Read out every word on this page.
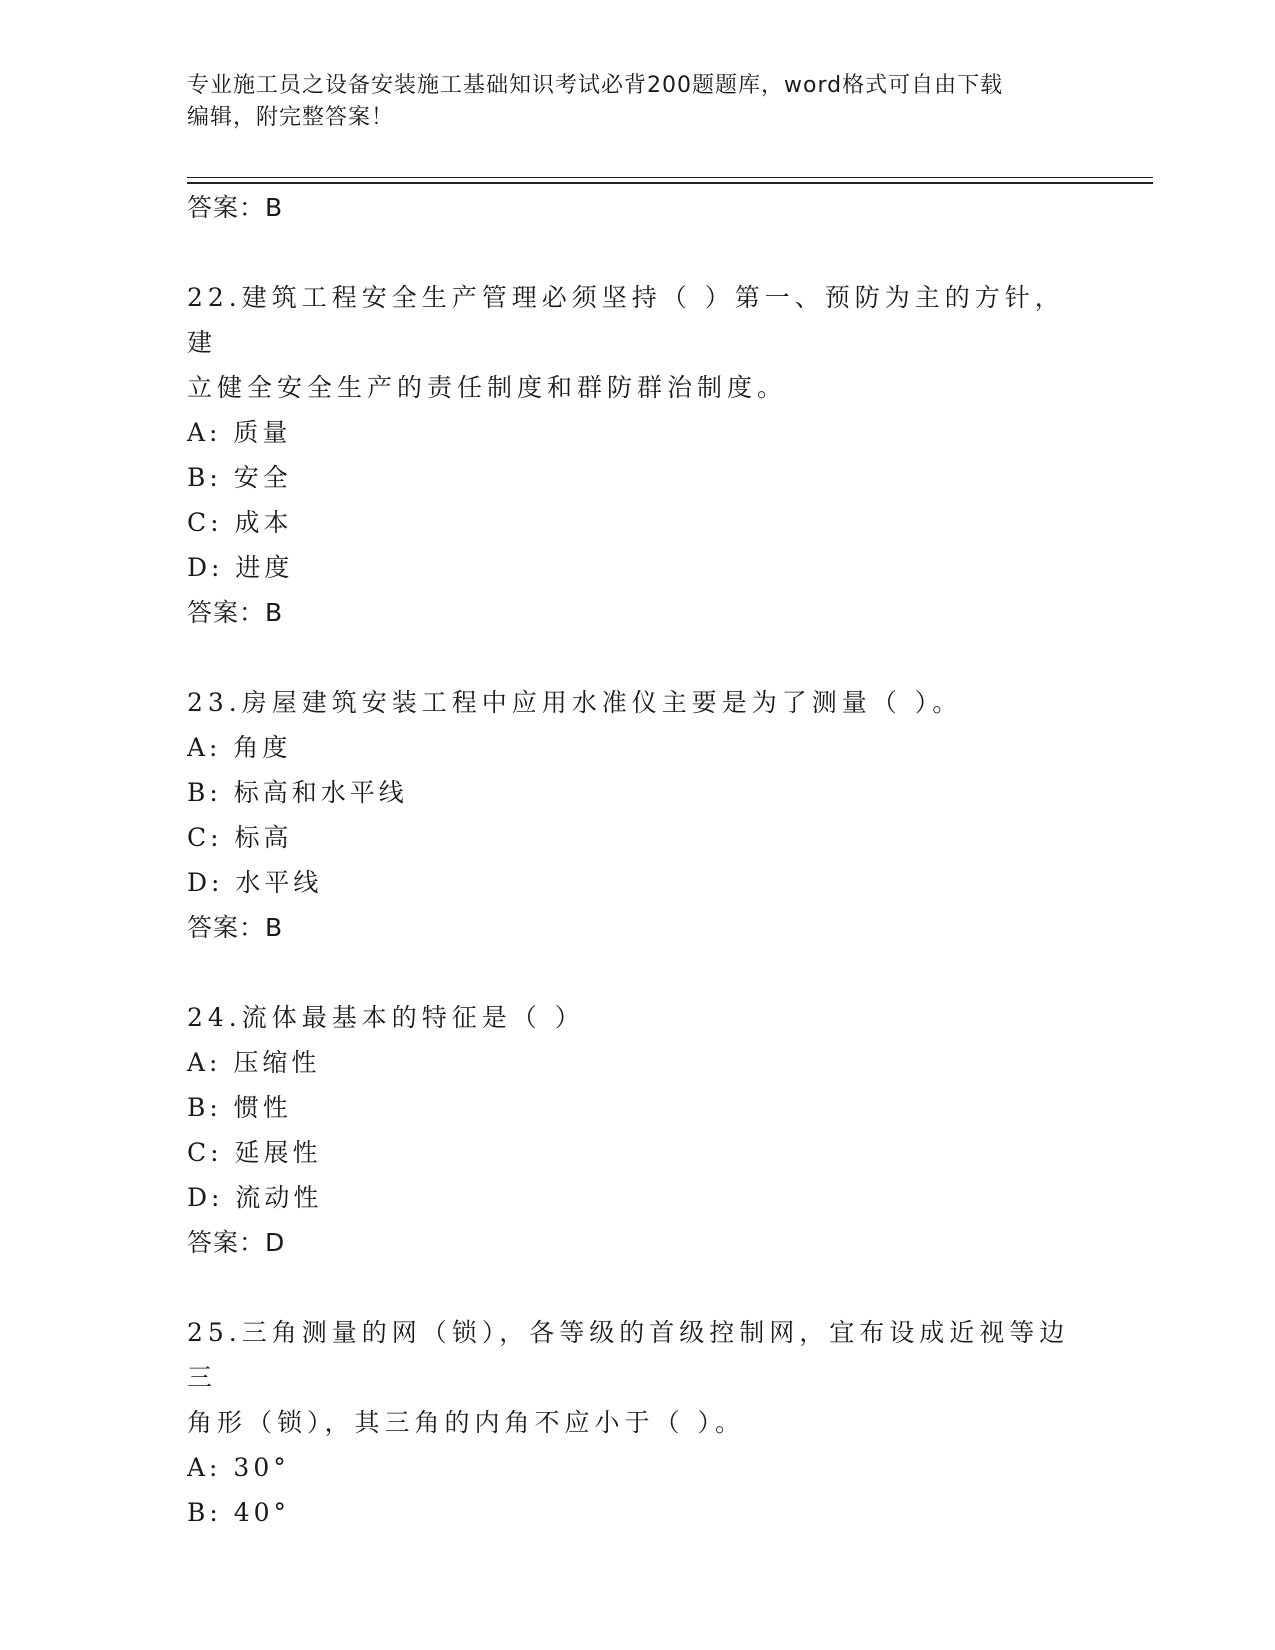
专业施工员之设备安装施工基础知识考试必背200题题库，word格式可自由下载
编辑，附完整答案！

答案：B

22.建筑工程安全生产管理必须坚持（ ）第一、预防为主的方针，建

立健全安全生产的责任制度和群防群治制度。

A: 质量

B: 安全

C: 成本

D: 进度

答案：B

23.房屋建筑安装工程中应用水准仪主要是为了测量（ ）。

A: 角度

B: 标高和水平线

C: 标高

D: 水平线

答案：B

24.流体最基本的特征是（ ）

A: 压缩性

B: 惯性

C: 延展性

D: 流动性

答案：D

25.三角测量的网（锁），各等级的首级控制网，宜布设成近视等边三

角形（锁），其三角的内角不应小于（ ）。

A: 30°

B: 40°
